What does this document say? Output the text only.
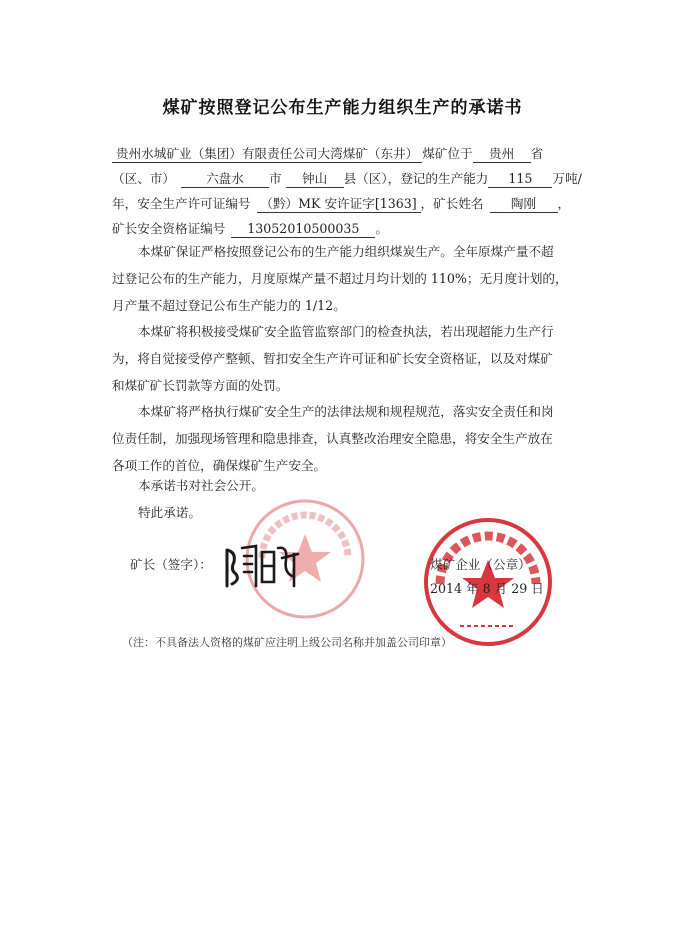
煤矿按照登记公布生产能力组织生产的承诺书
贵州水城矿业（集团）有限责任公司大湾煤矿（东井） 煤矿位于 贵州 省
（区、市） 六盘水 市 钟山 县（区），登记的生产能力 115 万吨/
年，安全生产许可证编号 （黔）MK 安许证字[1363] ，矿长姓名 陶刚 ，
矿长安全资格证编号 13052010500035 。
本煤矿保证严格按照登记公布的生产能力组织煤炭生产。全年原煤产量不超
过登记公布的生产能力，月度原煤产量不超过月均计划的 110%；无月度计划的，
月产量不超过登记公布生产能力的 1/12。
本煤矿将积极接受煤矿安全监管监察部门的检查执法，若出现超能力生产行
为，将自觉接受停产整顿、暂扣安全生产许可证和矿长安全资格证，以及对煤矿
和煤矿矿长罚款等方面的处罚。
本煤矿将严格执行煤矿安全生产的法律法规和规程规范，落实安全责任和岗
位责任制，加强现场管理和隐患排查，认真整改治理安全隐患，将安全生产放在
各项工作的首位，确保煤矿生产安全。
本承诺书对社会公开。
特此承诺。
矿长（签字）：	煤矿企业（公章）
2014 年 8 月 29 日
（注：不具备法人资格的煤矿应注明上级公司名称并加盖公司印章）
